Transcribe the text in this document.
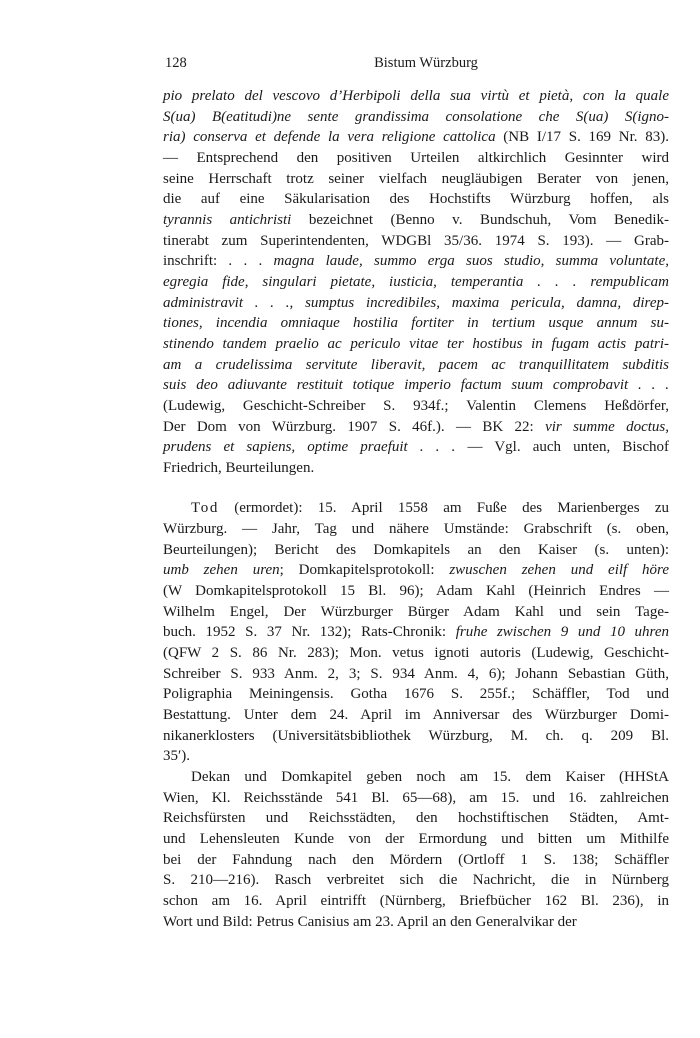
128	Bistum Würzburg

pio prelato del vescovo d’Herbipoli della sua virtù et pietà, con la quale
S(ua) B(eatitudi)ne sente grandissima consolatione che S(ua) S(igno-
ria) conserva et defende la vera religione cattolica (NB I/17 S. 169 Nr. 83).
— Entsprechend den positiven Urteilen altkirchlich Gesinnter wird
seine Herrschaft trotz seiner vielfach neugläubigen Berater von jenen,
die auf eine Säkularisation des Hochstifts Würzburg hoffen, als
tyrannis antichristi bezeichnet (Benno v. Bundschuh, Vom Benedik-
tinerabt zum Superintendenten, WDGBl 35/36. 1974 S. 193). — Grab-
inschrift: . . . magna laude, summo erga suos studio, summa voluntate,
egregia fide, singulari pietate, iusticia, temperantia . . . rempublicam
administravit . . ., sumptus incredibiles, maxima pericula, damna, direp-
tiones, incendia omniaque hostilia fortiter in tertium usque annum su-
stinendo tandem praelio ac periculo vitae ter hostibus in fugam actis patri-
am a crudelissima servitute liberavit, pacem ac tranquillitatem subditis
suis deo adiuvante restituit totique imperio factum suum comprobavit . . .
(Ludewig, Geschicht-Schreiber S. 934f.; Valentin Clemens Heßdörfer,
Der Dom von Würzburg. 1907 S. 46f.). — BK 22: vir summe doctus,
prudens et sapiens, optime praefuit . . . — Vgl. auch unten, Bischof
Friedrich, Beurteilungen.

Tod (ermordet): 15. April 1558 am Fuße des Marienberges zu
Würzburg. — Jahr, Tag und nähere Umstände: Grabschrift (s. oben,
Beurteilungen); Bericht des Domkapitels an den Kaiser (s. unten):
umb zehen uren; Domkapitelsprotokoll: zwuschen zehen und eilf höre
(W Domkapitelsprotokoll 15 Bl. 96); Adam Kahl (Heinrich Endres —
Wilhelm Engel, Der Würzburger Bürger Adam Kahl und sein Tage-
buch. 1952 S. 37 Nr. 132); Rats-Chronik: fruhe zwischen 9 und 10 uhren
(QFW 2 S. 86 Nr. 283); Mon. vetus ignoti autoris (Ludewig, Geschicht-
Schreiber S. 933 Anm. 2, 3; S. 934 Anm. 4, 6); Johann Sebastian Güth,
Poligraphia Meiningensis. Gotha 1676 S. 255f.; Schäffler, Tod und
Bestattung. Unter dem 24. April im Anniversar des Würzburger Domi-
nikanerklosters (Universitätsbibliothek Würzburg, M. ch. q. 209 Bl.
35′).

Dekan und Domkapitel geben noch am 15. dem Kaiser (HHStA
Wien, Kl. Reichsstände 541 Bl. 65—68), am 15. und 16. zahlreichen
Reichsfürsten und Reichsstädten, den hochstiftischen Städten, Amt-
und Lehensleuten Kunde von der Ermordung und bitten um Mithilfe
bei der Fahndung nach den Mördern (Ortloff 1 S. 138; Schäffler
S. 210—216). Rasch verbreitet sich die Nachricht, die in Nürnberg
schon am 16. April eintrifft (Nürnberg, Briefbücher 162 Bl. 236), in
Wort und Bild: Petrus Canisius am 23. April an den Generalvikar der
